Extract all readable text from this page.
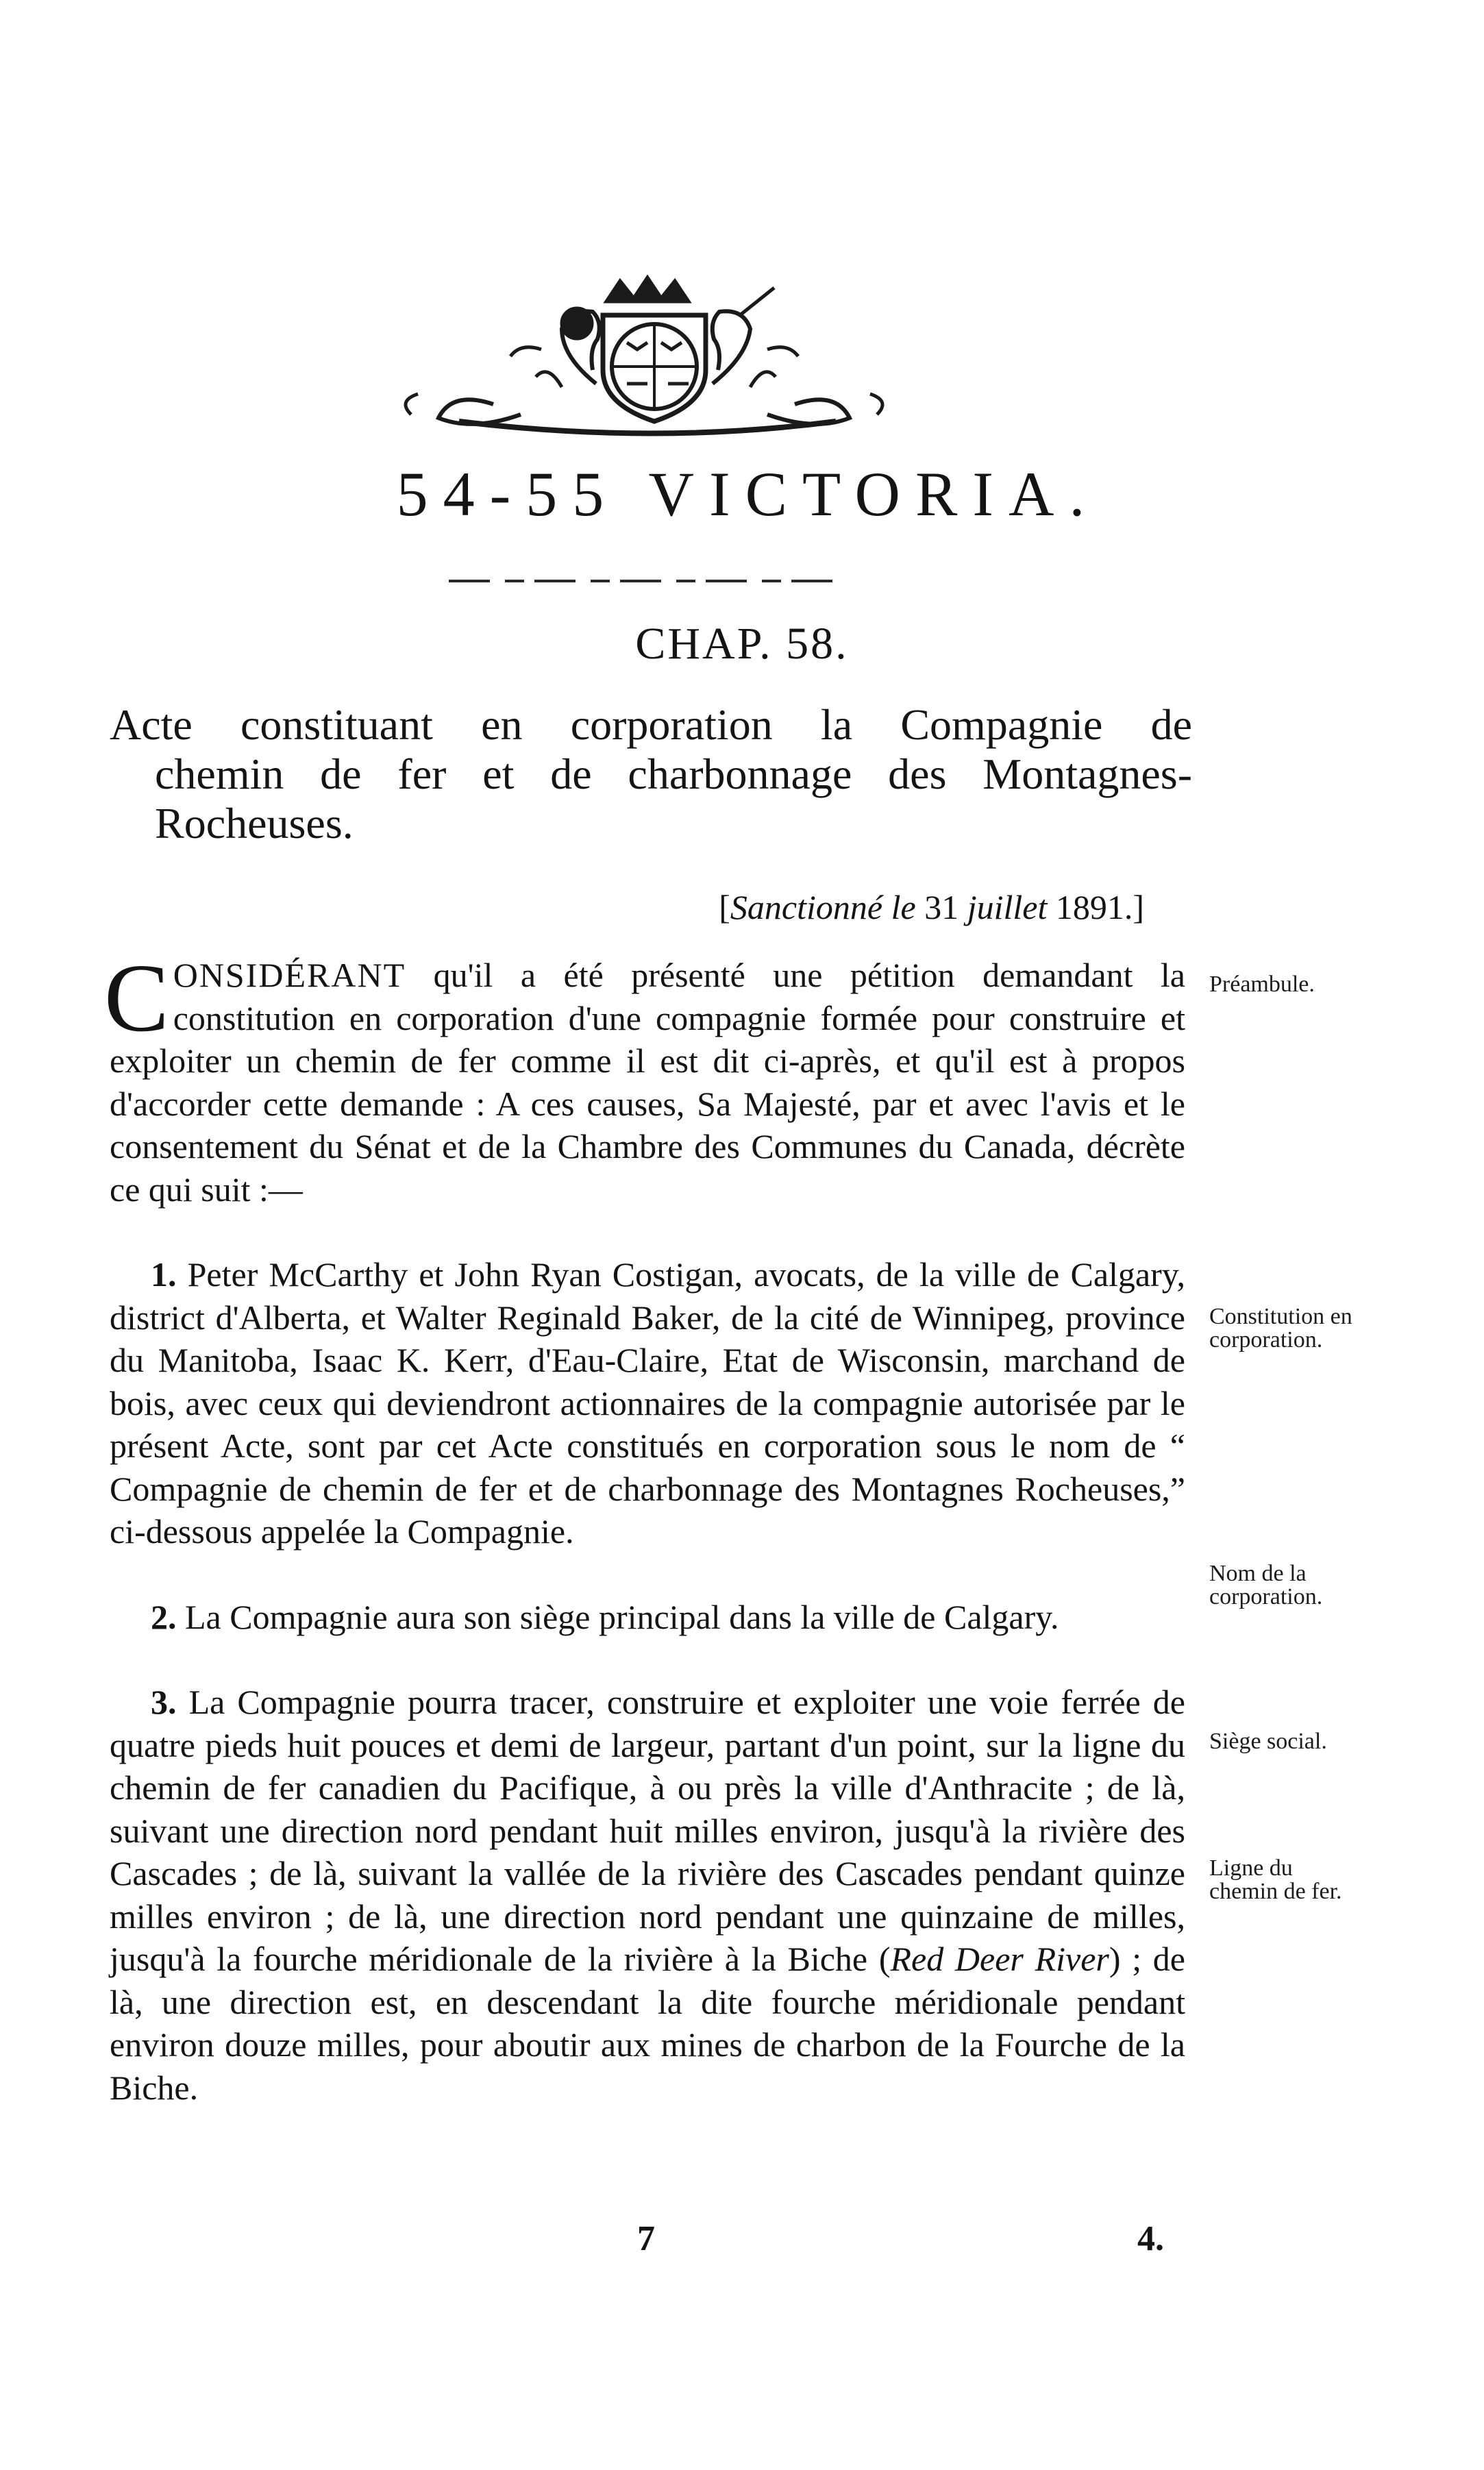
54-55 VICTORIA.
CHAP. 58.
Acte constituant en corporation la Compagnie de
chemin de fer et de charbonnage des Montagnes-
Rocheuses.
[Sanctionné le 31 juillet 1891.]

CONSIDÉRANT qu'il a été présenté une pétition demandant la constitution en corporation d'une compagnie formée pour construire et exploiter un chemin de fer comme il est dit ci-après, et qu'il est à propos d'accorder cette demande : A ces causes, Sa Majesté, par et avec l'avis et le consentement du Sénat et de la Chambre des Communes du Canada, décrète ce qui suit :—

1. Peter McCarthy et John Ryan Costigan, avocats, de la ville de Calgary, district d'Alberta, et Walter Reginald Baker, de la cité de Winnipeg, province du Manitoba, Isaac K. Kerr, d'Eau-Claire, Etat de Wisconsin, marchand de bois, avec ceux qui deviendront actionnaires de la compagnie autorisée par le présent Acte, sont par cet Acte constitués en corporation sous le nom de “ Compagnie de chemin de fer et de charbonnage des Montagnes Rocheuses,” ci-dessous appelée la Compagnie.

2. La Compagnie aura son siège principal dans la ville de Calgary.

3. La Compagnie pourra tracer, construire et exploiter une voie ferrée de quatre pieds huit pouces et demi de largeur, partant d'un point, sur la ligne du chemin de fer canadien du Pacifique, à ou près la ville d'Anthracite ; de là, suivant une direction nord pendant huit milles environ, jusqu'à la rivière des Cascades ; de là, suivant la vallée de la rivière des Cascades pendant quinze milles environ ; de là, une direction nord pendant une quinzaine de milles, jusqu'à la fourche méridionale de la rivière à la Biche (Red Deer River) ; de là, une direction est, en descendant la dite fourche méridionale pendant environ douze milles, pour aboutir aux mines de charbon de la Fourche de la Biche.

Préambule.
Constitution en corporation.
Nom de la corporation.
Siège social.
Ligne du chemin de fer.
7	4.
